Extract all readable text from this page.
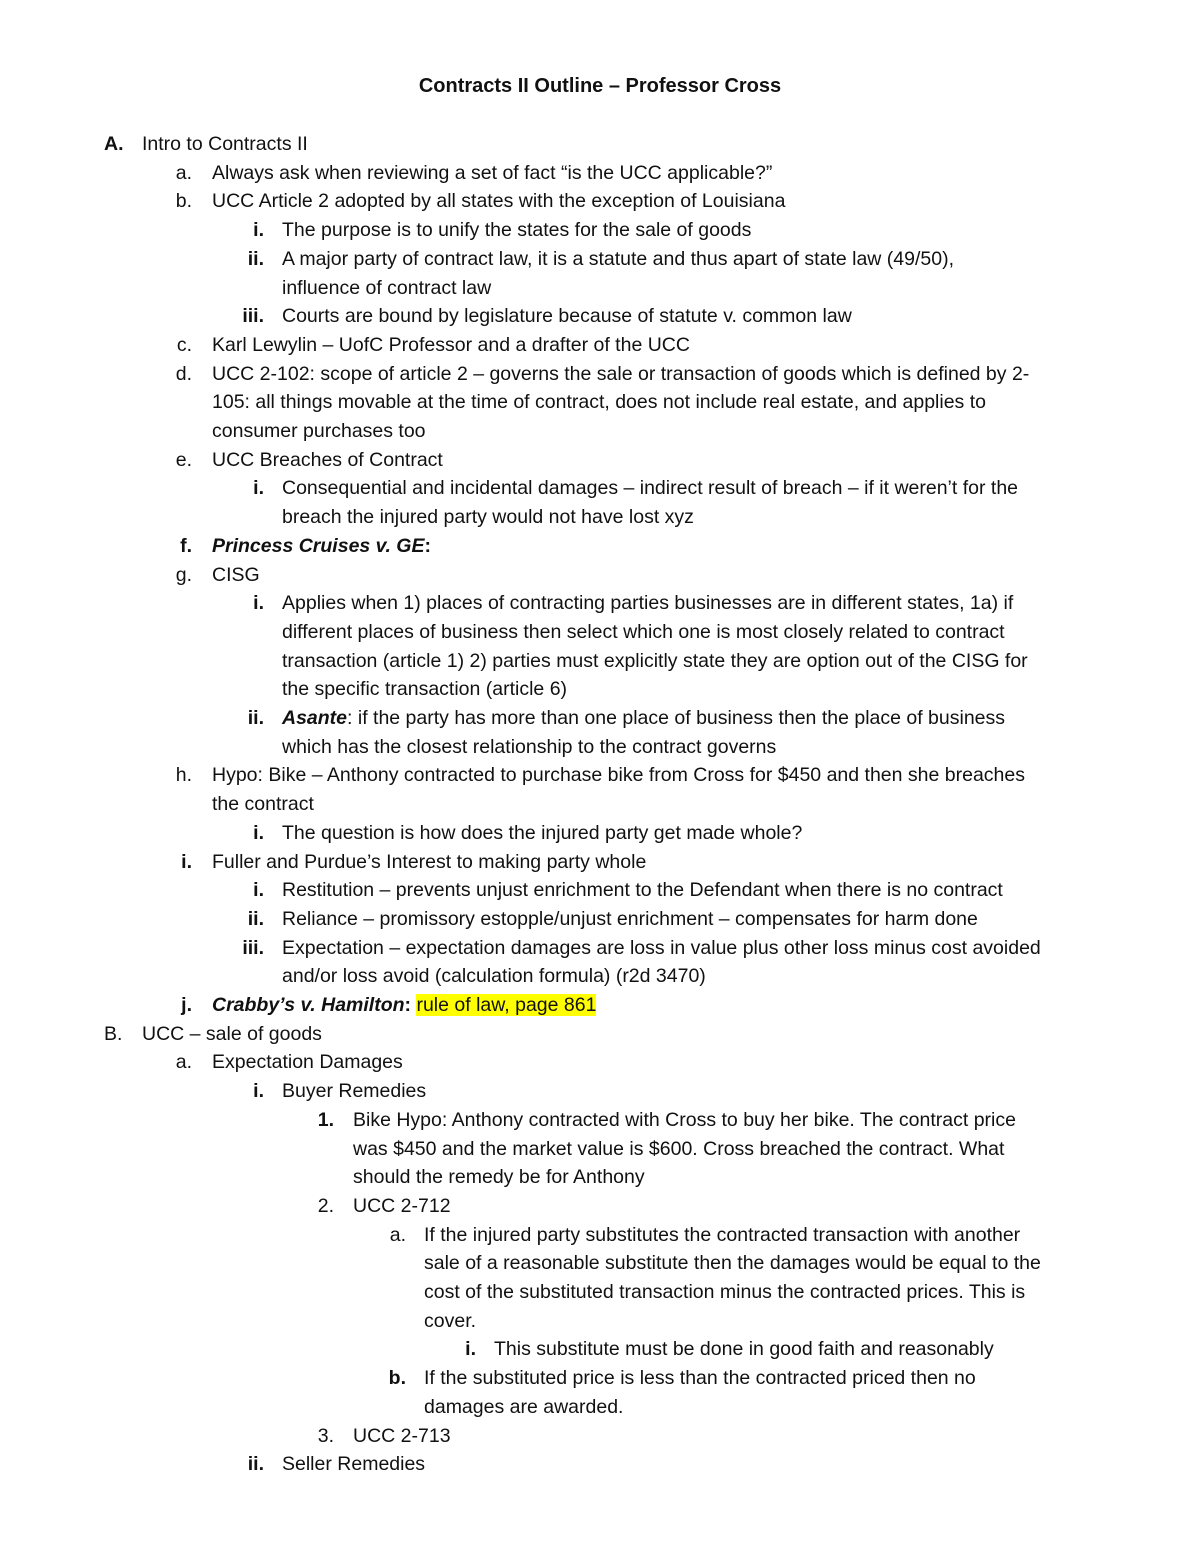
Contracts II Outline – Professor Cross
A. Intro to Contracts II
a. Always ask when reviewing a set of fact “is the UCC applicable?”
b. UCC Article 2 adopted by all states with the exception of Louisiana
i. The purpose is to unify the states for the sale of goods
ii. A major party of contract law, it is a statute and thus apart of state law (49/50),
influence of contract law
iii. Courts are bound by legislature because of statute v. common law
c. Karl Lewylin – UofC Professor and a drafter of the UCC
d. UCC 2-102: scope of article 2 – governs the sale or transaction of goods which is defined by 2-
105: all things movable at the time of contract, does not include real estate, and applies to
consumer purchases too
e. UCC Breaches of Contract
i. Consequential and incidental damages – indirect result of breach – if it weren’t for the
breach the injured party would not have lost xyz
f. Princess Cruises v. GE:
g. CISG
i. Applies when 1) places of contracting parties businesses are in different states, 1a) if
different places of business then select which one is most closely related to contract
transaction (article 1) 2) parties must explicitly state they are option out of the CISG for
the specific transaction (article 6)
ii. Asante: if the party has more than one place of business then the place of business
which has the closest relationship to the contract governs
h. Hypo: Bike – Anthony contracted to purchase bike from Cross for $450 and then she breaches
the contract
i. The question is how does the injured party get made whole?
i. Fuller and Purdue’s Interest to making party whole
i. Restitution – prevents unjust enrichment to the Defendant when there is no contract
ii. Reliance – promissory estopple/unjust enrichment – compensates for harm done
iii. Expectation – expectation damages are loss in value plus other loss minus cost avoided
and/or loss avoid (calculation formula) (r2d 3470)
j. Crabby’s v. Hamilton: rule of law, page 861
B. UCC – sale of goods
a. Expectation Damages
i. Buyer Remedies
1. Bike Hypo: Anthony contracted with Cross to buy her bike. The contract price
was $450 and the market value is $600. Cross breached the contract. What
should the remedy be for Anthony
2. UCC 2-712
a. If the injured party substitutes the contracted transaction with another
sale of a reasonable substitute then the damages would be equal to the
cost of the substituted transaction minus the contracted prices. This is
cover.
i. This substitute must be done in good faith and reasonably
b. If the substituted price is less than the contracted priced then no
damages are awarded.
3. UCC 2-713
ii. Seller Remedies
